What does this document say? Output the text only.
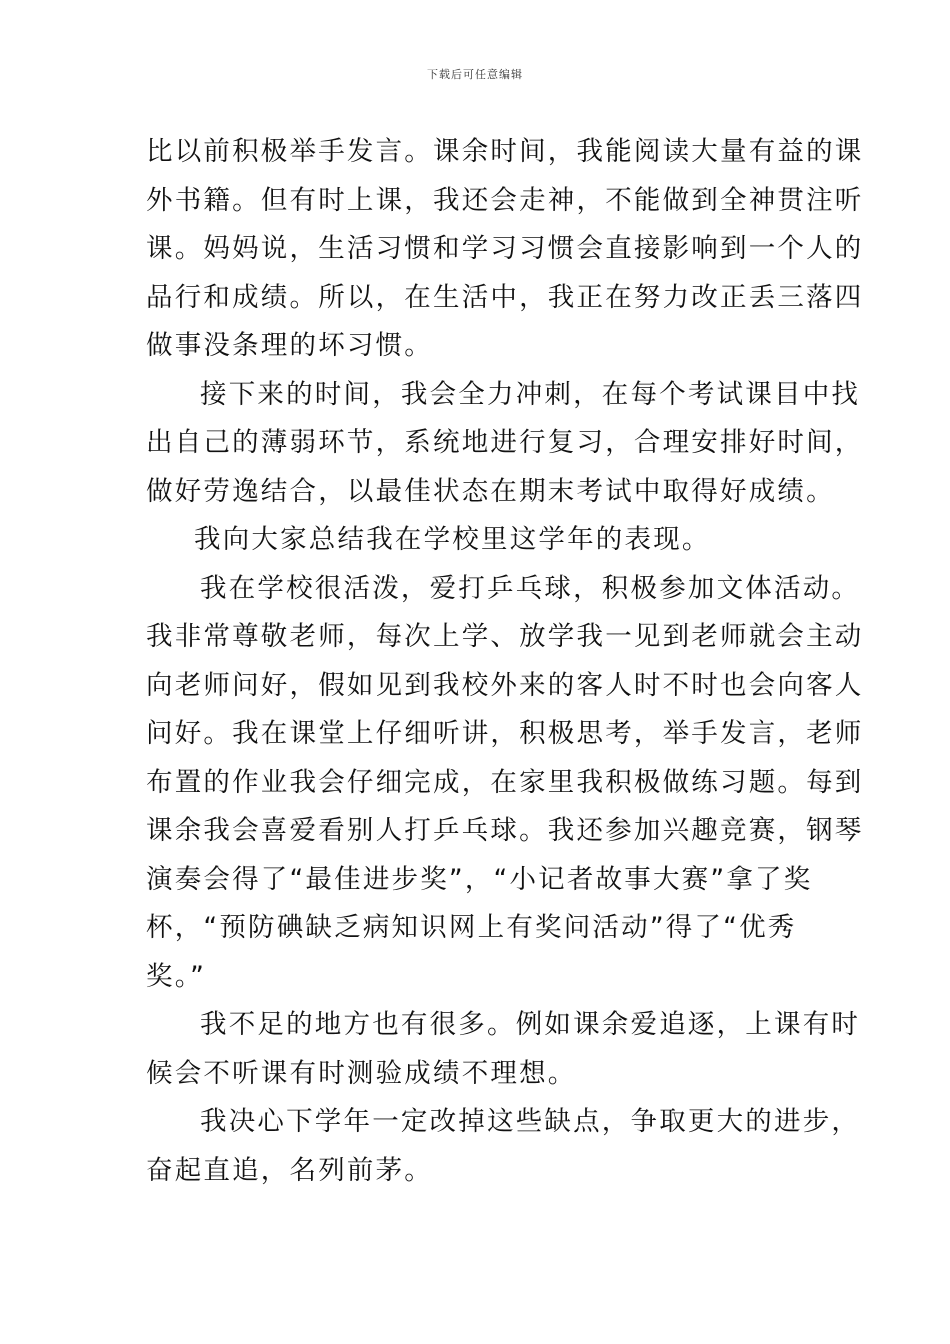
下载后可任意编辑

比以前积极举手发言。课余时间，我能阅读大量有益的课
外书籍。但有时上课，我还会走神，不能做到全神贯注听
课。妈妈说，生活习惯和学习习惯会直接影响到一个人的
品行和成绩。所以，在生活中，我正在努力改正丢三落四
做事没条理的坏习惯。

接下来的时间，我会全力冲刺，在每个考试课目中找
出自己的薄弱环节，系统地进行复习，合理安排好时间，
做好劳逸结合，以最佳状态在期末考试中取得好成绩。

我向大家总结我在学校里这学年的表现。

我在学校很活泼，爱打乒乓球，积极参加文体活动。
我非常尊敬老师，每次上学、放学我一见到老师就会主动
向老师问好，假如见到我校外来的客人时不时也会向客人
问好。我在课堂上仔细听讲，积极思考，举手发言，老师
布置的作业我会仔细完成，在家里我积极做练习题。每到
课余我会喜爱看别人打乒乓球。我还参加兴趣竞赛，钢琴
演奏会得了“最佳进步奖”，“小记者故事大赛”拿了奖
杯，“预防碘缺乏病知识网上有奖问活动”得了“优秀
奖。”

我不足的地方也有很多。例如课余爱追逐，上课有时
候会不听课有时测验成绩不理想。

我决心下学年一定改掉这些缺点，争取更大的进步，
奋起直追，名列前茅。
